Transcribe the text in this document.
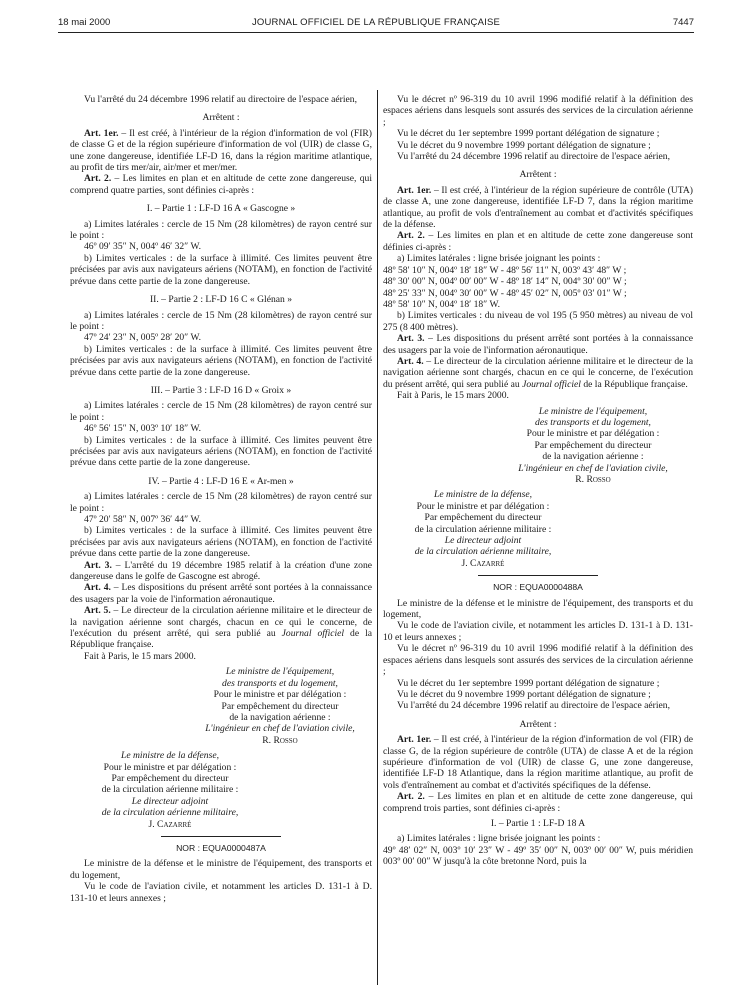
18 mai 2000	JOURNAL OFFICIEL DE LA RÉPUBLIQUE FRANÇAISE	7447

Vu l'arrêté du 24 décembre 1996 relatif au directoire de l'espace aérien,

Arrêtent :

Art. 1er. – Il est créé, à l'intérieur de la région d'information de vol (FIR) de classe G et de la région supérieure d'information de vol (UIR) de classe G, une zone dangereuse, identifiée LF-D 16, dans la région maritime atlantique, au profit de tirs mer/air, air/mer et mer/mer.

Art. 2. – Les limites en plan et en altitude de cette zone dangereuse, qui comprend quatre parties, sont définies ci-après :

I. – Partie 1 : LF-D 16 A « Gascogne »

a) Limites latérales : cercle de 15 Nm (28 kilomètres) de rayon centré sur le point :

46º 09′ 35″ N, 004º 46′ 32″ W.

b) Limites verticales : de la surface à illimité. Ces limites peuvent être précisées par avis aux navigateurs aériens (NOTAM), en fonction de l'activité prévue dans cette partie de la zone dangereuse.

II. – Partie 2 : LF-D 16 C « Glénan »

a) Limites latérales : cercle de 15 Nm (28 kilomètres) de rayon centré sur le point :

47º 24′ 23″ N, 005º 28′ 20″ W.

b) Limites verticales : de la surface à illimité. Ces limites peuvent être précisées par avis aux navigateurs aériens (NOTAM), en fonction de l'activité prévue dans cette partie de la zone dangereuse.

III. – Partie 3 : LF-D 16 D « Groix »

a) Limites latérales : cercle de 15 Nm (28 kilomètres) de rayon centré sur le point :

46º 56′ 15″ N, 003º 10′ 18″ W.

b) Limites verticales : de la surface à illimité. Ces limites peuvent être précisées par avis aux navigateurs aériens (NOTAM), en fonction de l'activité prévue dans cette partie de la zone dangereuse.

IV. – Partie 4 : LF-D 16 E « Ar-men »

a) Limites latérales : cercle de 15 Nm (28 kilomètres) de rayon centré sur le point :

47º 20′ 58″ N, 007º 36′ 44″ W.

b) Limites verticales : de la surface à illimité. Ces limites peuvent être précisées par avis aux navigateurs aériens (NOTAM), en fonction de l'activité prévue dans cette partie de la zone dangereuse.

Art. 3. – L'arrêté du 19 décembre 1985 relatif à la création d'une zone dangereuse dans le golfe de Gascogne est abrogé.

Art. 4. – Les dispositions du présent arrêté sont portées à la connaissance des usagers par la voie de l'information aéronautique.

Art. 5. – Le directeur de la circulation aérienne militaire et le directeur de la navigation aérienne sont chargés, chacun en ce qui le concerne, de l'exécution du présent arrêté, qui sera publié au Journal officiel de la République française.

Fait à Paris, le 15 mars 2000.

Le ministre de l'équipement,

des transports et du logement,

Pour le ministre et par délégation :

Par empêchement du directeur

de la navigation aérienne :

L'ingénieur en chef de l'aviation civile,

R. Rosso

Le ministre de la défense,

Pour le ministre et par délégation :

Par empêchement du directeur

de la circulation aérienne militaire :

Le directeur adjoint

de la circulation aérienne militaire,

J. Cazarré

NOR : EQUA0000487A

Le ministre de la défense et le ministre de l'équipement, des transports et du logement,

Vu le code de l'aviation civile, et notamment les articles D. 131-1 à D. 131-10 et leurs annexes ;

Vu le décret nº 96-319 du 10 avril 1996 modifié relatif à la définition des espaces aériens dans lesquels sont assurés des services de la circulation aérienne ;

Vu le décret du 1er septembre 1999 portant délégation de signature ;

Vu le décret du 9 novembre 1999 portant délégation de signature ;

Vu l'arrêté du 24 décembre 1996 relatif au directoire de l'espace aérien,

Arrêtent :

Art. 1er. – Il est créé, à l'intérieur de la région supérieure de contrôle (UTA) de classe A, une zone dangereuse, identifiée LF-D 7, dans la région maritime atlantique, au profit de vols d'entraînement au combat et d'activités spécifiques de la défense.

Art. 2. – Les limites en plan et en altitude de cette zone dangereuse sont définies ci-après :

a) Limites latérales : ligne brisée joignant les points :

48º 58′ 10″ N, 004º 18′ 18″ W - 48º 56′ 11″ N, 003º 43′ 48″ W ;

48º 30′ 00″ N, 004º 00′ 00″ W - 48º 18′ 14″ N, 004º 30′ 00″ W ;

48º 25′ 33″ N, 004º 30′ 00″ W - 48º 45′ 02″ N, 005º 03′ 01″ W ;

48º 58′ 10″ N, 004º 18′ 18″ W.

b) Limites verticales : du niveau de vol 195 (5 950 mètres) au niveau de vol 275 (8 400 mètres).

Art. 3. – Les dispositions du présent arrêté sont portées à la connaissance des usagers par la voie de l'information aéronautique.

Art. 4. – Le directeur de la circulation aérienne militaire et le directeur de la navigation aérienne sont chargés, chacun en ce qui le concerne, de l'exécution du présent arrêté, qui sera publié au Journal officiel de la République française.

Fait à Paris, le 15 mars 2000.

Le ministre de l'équipement,

des transports et du logement,

Pour le ministre et par délégation :

Par empêchement du directeur

de la navigation aérienne :

L'ingénieur en chef de l'aviation civile,

R. Rosso

Le ministre de la défense,

Pour le ministre et par délégation :

Par empêchement du directeur

de la circulation aérienne militaire :

Le directeur adjoint

de la circulation aérienne militaire,

J. Cazarré

NOR : EQUA0000488A

Le ministre de la défense et le ministre de l'équipement, des transports et du logement,

Vu le code de l'aviation civile, et notamment les articles D. 131-1 à D. 131-10 et leurs annexes ;

Vu le décret nº 96-319 du 10 avril 1996 modifié relatif à la définition des espaces aériens dans lesquels sont assurés des services de la circulation aérienne ;

Vu le décret du 1er septembre 1999 portant délégation de signature ;

Vu le décret du 9 novembre 1999 portant délégation de signature ;

Vu l'arrêté du 24 décembre 1996 relatif au directoire de l'espace aérien,

Arrêtent :

Art. 1er. – Il est créé, à l'intérieur de la région d'information de vol (FIR) de classe G, de la région supérieure de contrôle (UTA) de classe A et de la région supérieure d'information de vol (UIR) de classe G, une zone dangereuse, identifiée LF-D 18 Atlantique, dans la région maritime atlantique, au profit de vols d'entraînement au combat et d'activités spécifiques de la défense.

Art. 2. – Les limites en plan et en altitude de cette zone dangereuse, qui comprend trois parties, sont définies ci-après :

I. – Partie 1 : LF-D 18 A

a) Limites latérales : ligne brisée joignant les points :

49º 48′ 02″ N, 003º 10′ 23″ W - 49º 35′ 00″ N, 003º 00′ 00″ W, puis méridien 003º 00′ 00″ W jusqu'à la côte bretonne Nord, puis la
